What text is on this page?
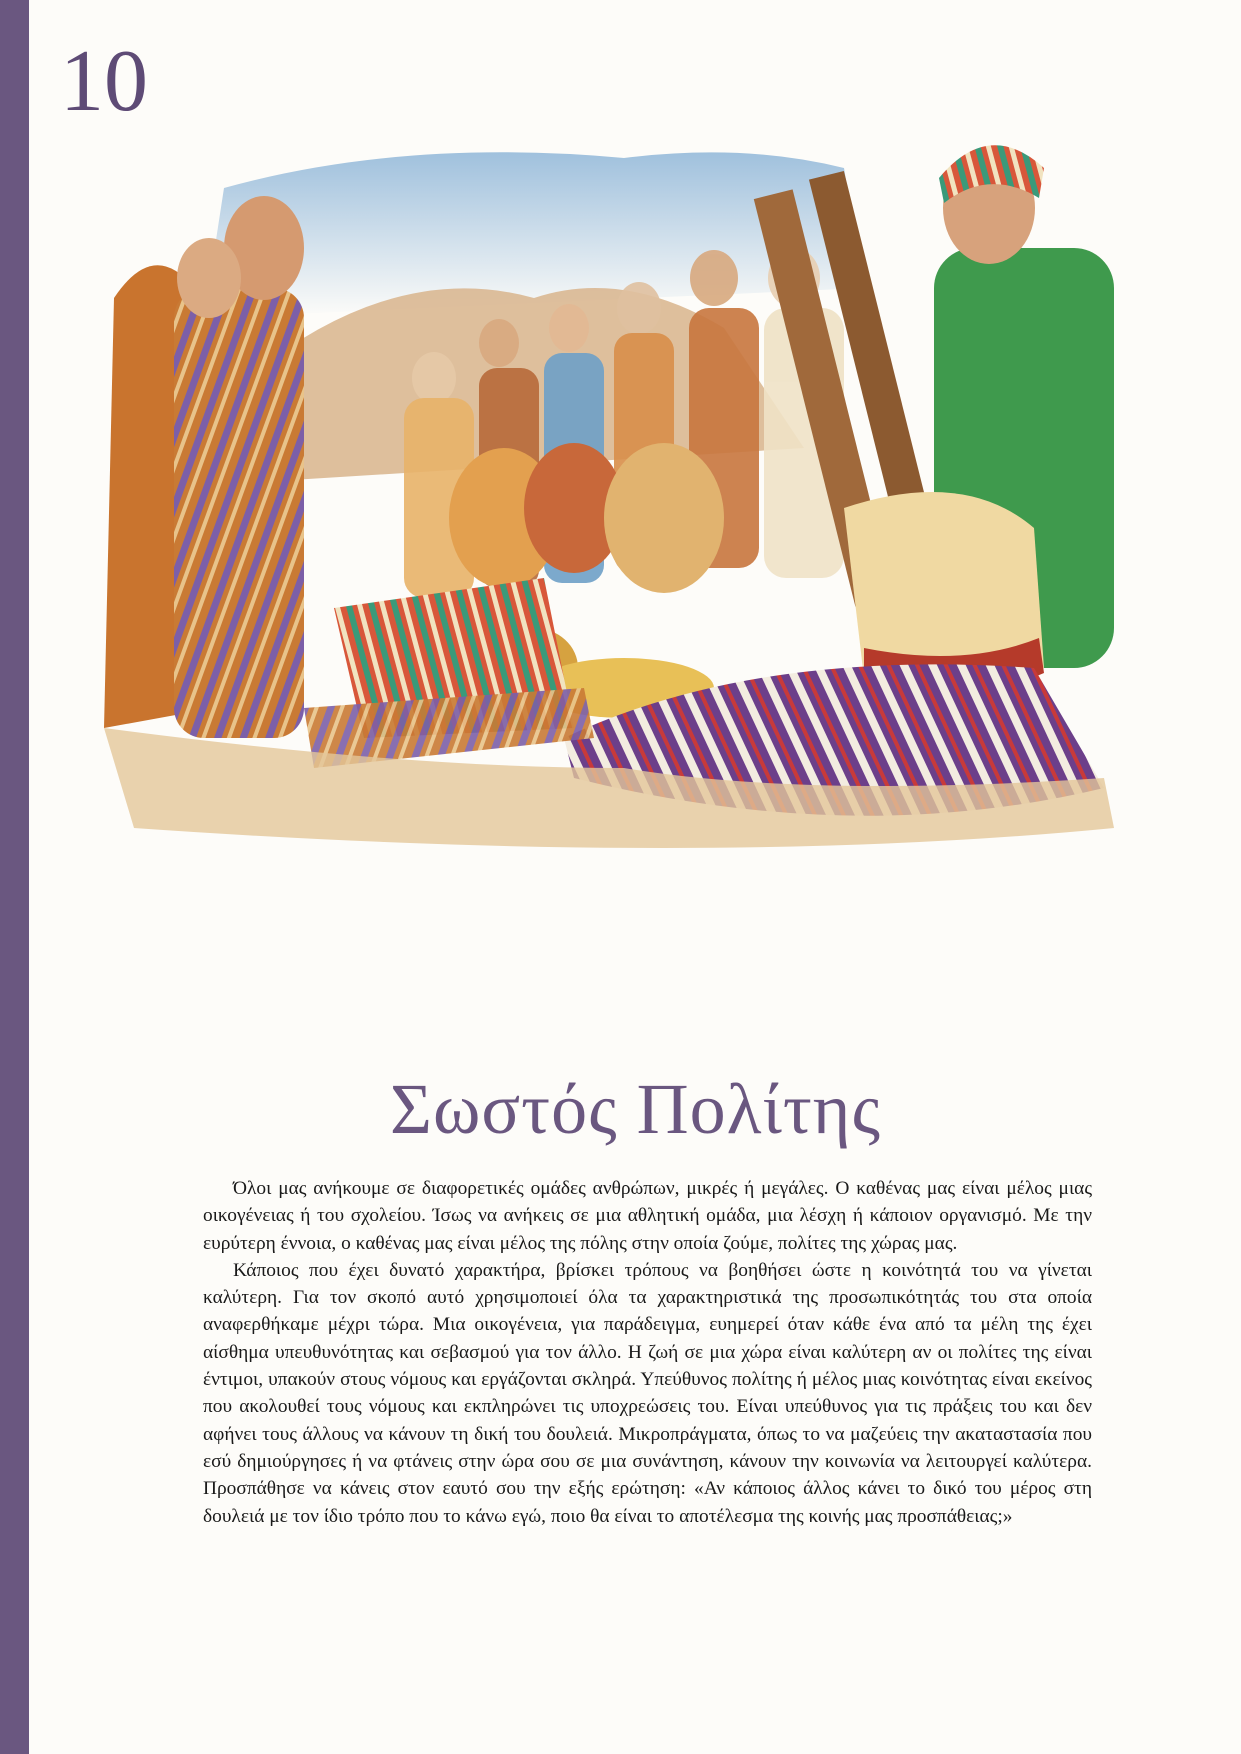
10
Σωστός Πολίτης

Όλοι μας ανήκουμε σε διαφορετικές ομάδες ανθρώπων, μικρές ή μεγάλες. Ο καθένας μας είναι μέλος μιας οικογένειας ή του σχολείου. Ίσως να ανήκεις σε μια αθλητική ομάδα, μια λέσχη ή κάποιον οργανισμό. Με την ευρύτερη έννοια, ο καθένας μας είναι μέλος της πόλης στην οποία ζούμε, πολίτες της χώρας μας.

Κάποιος που έχει δυνατό χαρακτήρα, βρίσκει τρόπους να βοηθήσει ώστε η κοινότητά του να γίνεται καλύτερη. Για τον σκοπό αυτό χρησιμοποιεί όλα τα χαρακτηριστικά της προσωπικότητάς του στα οποία αναφερθήκαμε μέχρι τώρα. Μια οικογένεια, για παράδειγμα, ευημερεί όταν κάθε ένα από τα μέλη της έχει αίσθημα υπευθυνότητας και σεβασμού για τον άλλο. Η ζωή σε μια χώρα είναι καλύτερη αν οι πολίτες της είναι έντιμοι, υπακούν στους νόμους και εργάζονται σκληρά. Υπεύθυνος πολίτης ή μέλος μιας κοινότητας είναι εκείνος που ακολουθεί τους νόμους και εκπληρώνει τις υποχρεώσεις του. Είναι υπεύθυνος για τις πράξεις του και δεν αφήνει τους άλλους να κάνουν τη δική του δουλειά. Μικροπράγματα, όπως το να μαζεύεις την ακαταστασία που εσύ δημιούργησες ή να φτάνεις στην ώρα σου σε μια συνάντηση, κάνουν την κοινωνία να λειτουργεί καλύτερα. Προσπάθησε να κάνεις στον εαυτό σου την εξής ερώτηση: «Αν κάποιος άλλος κάνει το δικό του μέρος στη δουλειά με τον ίδιο τρόπο που το κάνω εγώ, ποιο θα είναι το αποτέλεσμα της κοινής μας προσπάθειας;»
